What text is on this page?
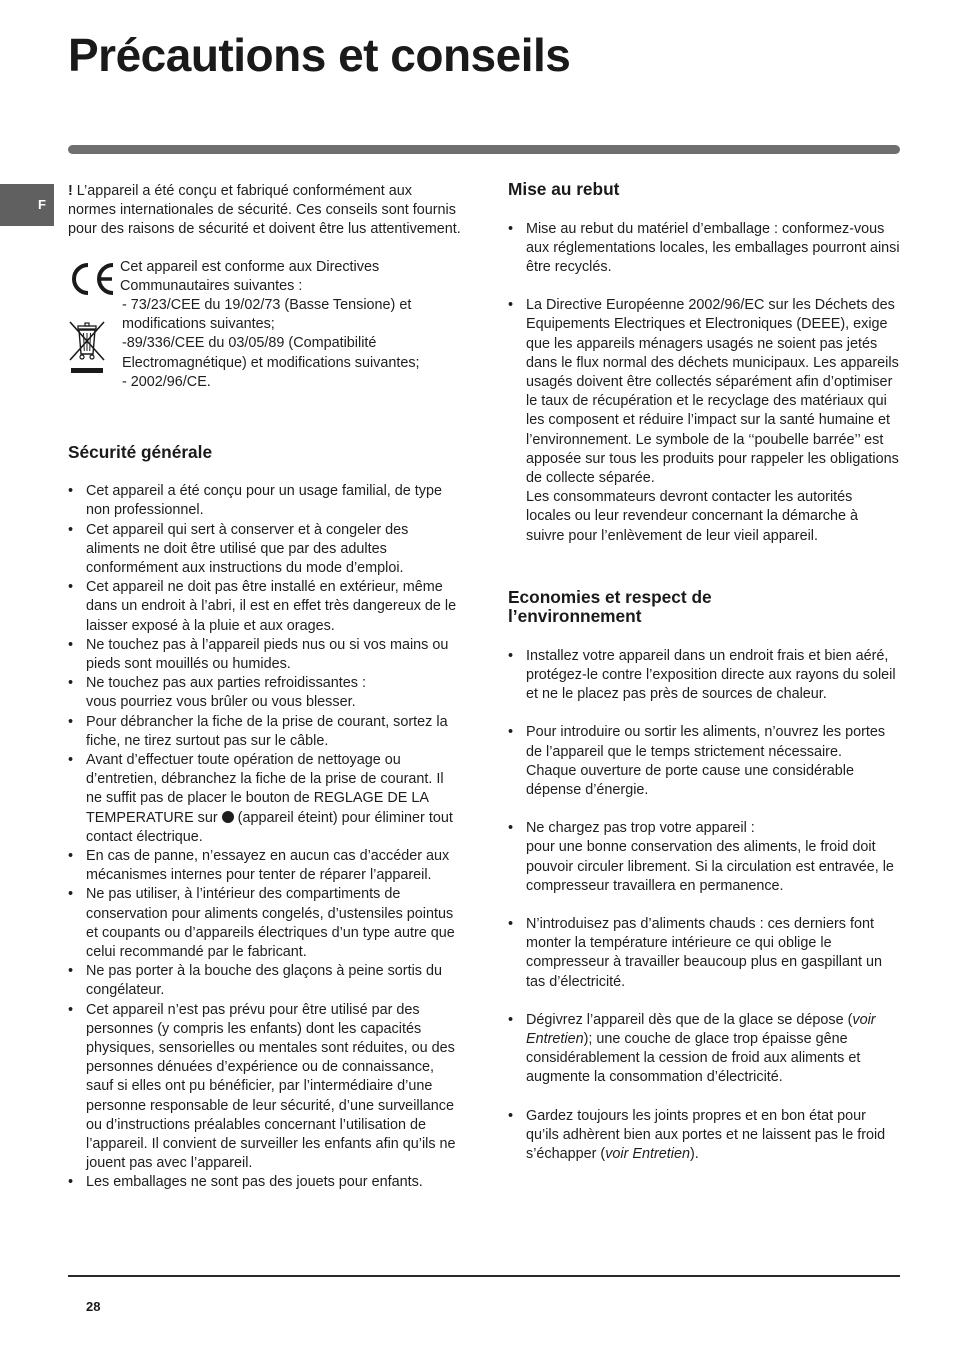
Précautions et conseils
F

! L’appareil a été conçu et fabriqué conformément aux normes internationales de sécurité. Ces conseils sont fournis pour des raisons de sécurité et doivent être lus attentivement.

Cet appareil est conforme aux Directives
Communautaires suivantes :
- 73/23/CEE du 19/02/73 (Basse Tensione) et
modifications suivantes;
-89/336/CEE du 03/05/89 (Compatibilité
Electromagnétique) et modifications suivantes;
- 2002/96/CE.
Sécurité générale
• Cet appareil a été conçu pour un usage familial, de type non professionnel.
• Cet appareil qui sert à conserver et à congeler des aliments ne doit être utilisé que par des adultes conformément aux instructions du mode d’emploi.
• Cet appareil ne doit pas être installé en extérieur, même dans un endroit à l’abri, il est en effet très dangereux de le laisser exposé à la pluie et aux orages.
• Ne touchez pas à l’appareil pieds nus ou si vos mains ou pieds sont mouillés ou humides.
• Ne touchez pas aux parties refroidissantes :
vous pourriez vous brûler ou vous blesser.
• Pour débrancher la fiche de la prise de courant, sortez la fiche, ne tirez surtout pas sur le câble.
• Avant d’effectuer toute opération de nettoyage ou d’entretien, débranchez la fiche de la prise de courant. Il ne suffit pas de placer le bouton de REGLAGE DE LA TEMPERATURE sur  (appareil éteint) pour éliminer tout contact électrique.
• En cas de panne, n’essayez en aucun cas d’accéder aux mécanismes internes pour tenter de réparer l’appareil.
• Ne pas utiliser, à l’intérieur des compartiments de conservation pour aliments congelés, d’ustensiles pointus et coupants ou d’appareils électriques d’un type autre que celui recommandé par le fabricant.
• Ne pas porter à la bouche des glaçons à peine sortis du congélateur.
• Cet appareil n’est pas prévu pour être utilisé par des personnes (y compris les enfants) dont les capacités physiques, sensorielles ou mentales sont réduites, ou des personnes dénuées d’expérience ou de connaissance, sauf si elles ont pu bénéficier, par l’intermédiaire d’une personne responsable de leur sécurité, d’une surveillance ou d’instructions préalables concernant l’utilisation de l’appareil. Il convient de surveiller les enfants afin qu’ils ne jouent pas avec l’appareil.
• Les emballages ne sont pas des jouets pour enfants.
Mise au rebut
• Mise au rebut du matériel d’emballage : conformez-vous aux réglementations locales, les emballages pourront ainsi être recyclés.
• La Directive Européenne 2002/96/EC sur les Déchets des Equipements Electriques et Electroniques (DEEE), exige que les appareils ménagers usagés ne soient pas jetés dans le flux normal des déchets municipaux. Les appareils usagés doivent être collectés séparément afin d’optimiser le taux de récupération et le recyclage des matériaux qui les composent et réduire l’impact sur la santé humaine et l’environnement. Le symbole de la ‘‘poubelle barrée’’ est apposée sur tous les produits pour rappeler les obligations de collecte séparée.
Les consommateurs devront contacter les autorités locales ou leur revendeur concernant la démarche à suivre pour l’enlèvement de leur vieil appareil.
Economies et respect de
l’environnement
• Installez votre appareil dans un endroit frais et bien aéré, protégez-le contre l’exposition directe aux rayons du soleil et ne le placez pas près de sources de chaleur.
• Pour introduire ou sortir les aliments, n’ouvrez les portes de l’appareil que le temps strictement nécessaire.
Chaque ouverture de porte cause une considérable dépense d’énergie.
• Ne chargez pas trop votre appareil :
pour une bonne conservation des aliments, le froid doit pouvoir circuler librement. Si la circulation est entravée, le compresseur travaillera en permanence.
• N’introduisez pas d’aliments chauds : ces derniers font monter la température intérieure ce qui oblige le compresseur à travailler beaucoup plus en gaspillant un tas d’électricité.
• Dégivrez l’appareil dès que de la glace se dépose (voir Entretien); une couche de glace trop épaisse gêne considérablement la cession de froid aux aliments et augmente la consommation d’électricité.
• Gardez toujours les joints propres et en bon état pour qu’ils adhèrent bien aux portes et ne laissent pas le froid s’échapper (voir Entretien).
28
